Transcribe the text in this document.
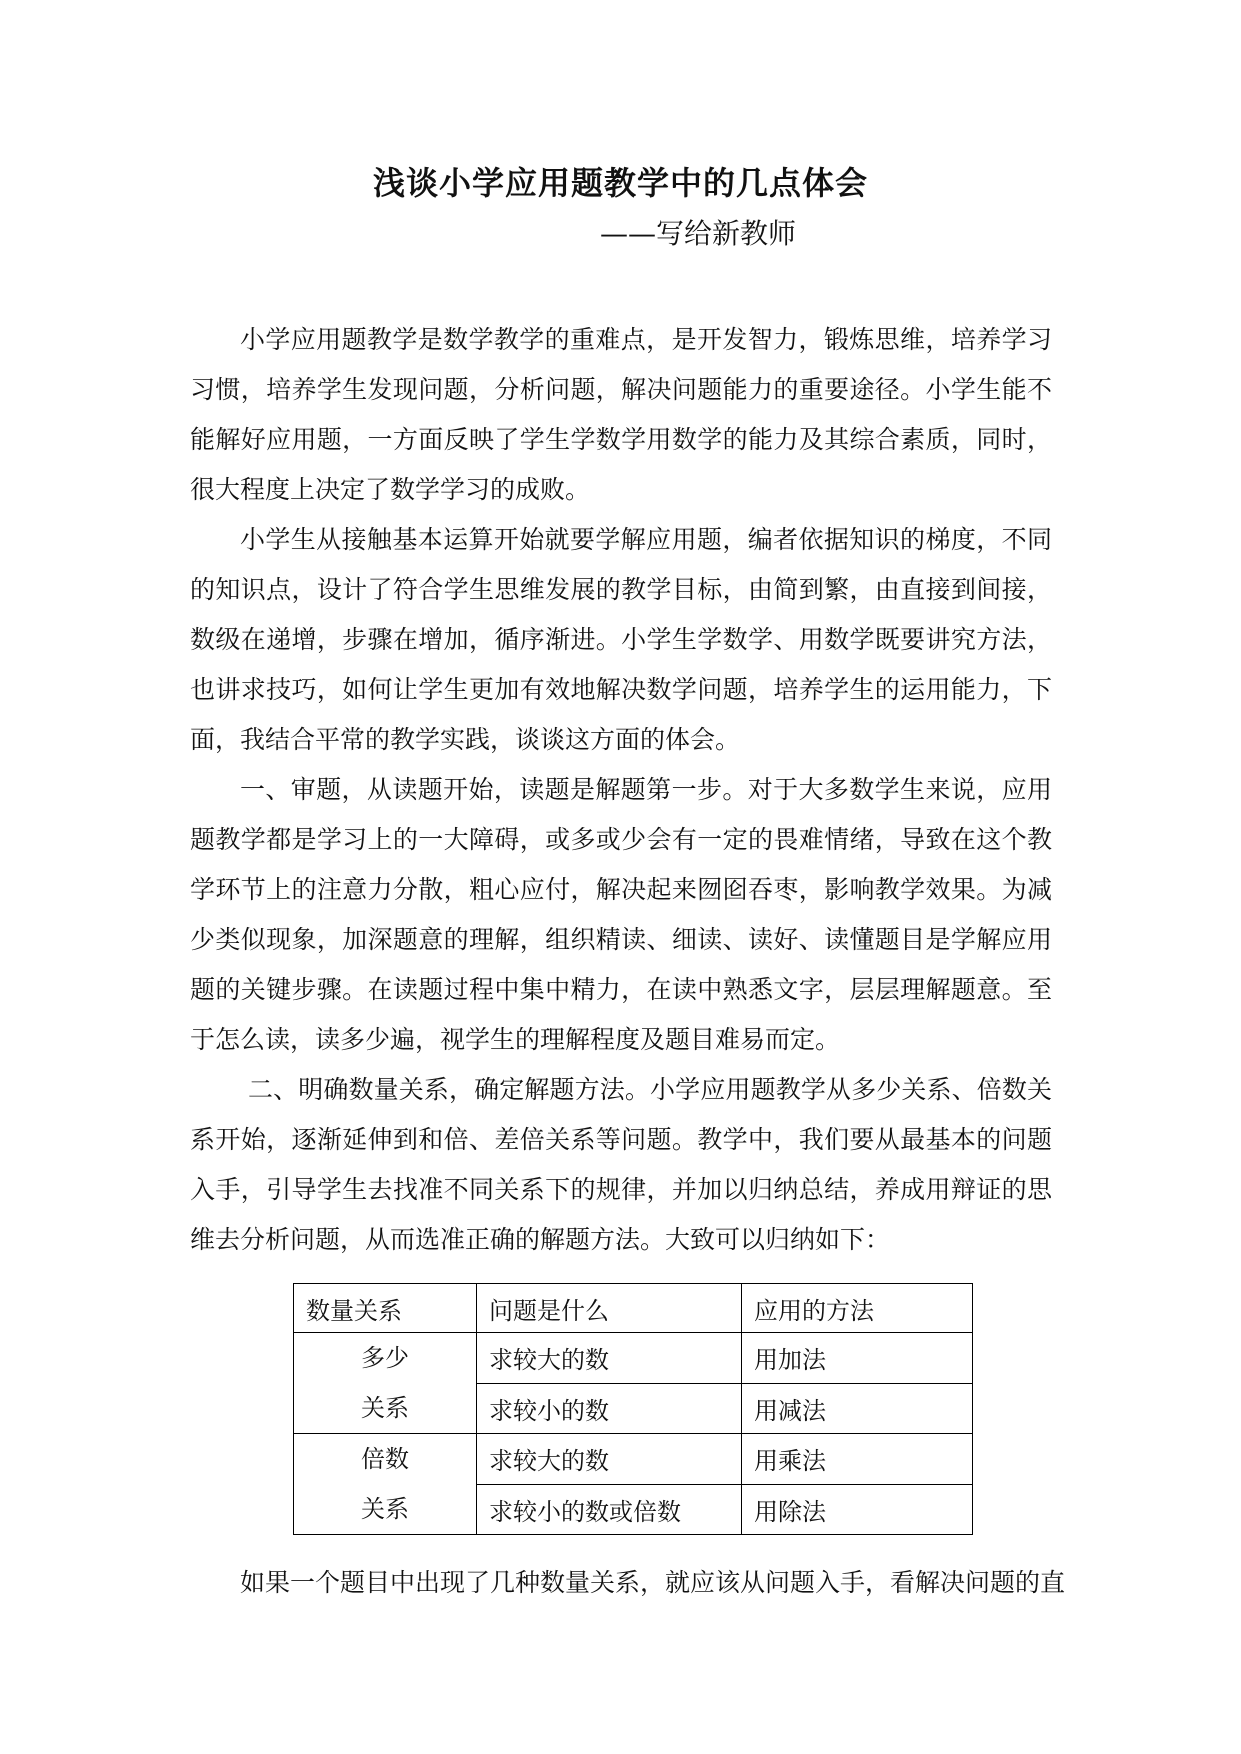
浅谈小学应用题教学中的几点体会
——写给新教师

小学应用题教学是数学教学的重难点，是开发智力，锻炼思维，培养学习习惯，培养学生发现问题，分析问题，解决问题能力的重要途径。小学生能不能解好应用题，一方面反映了学生学数学用数学的能力及其综合素质，同时，很大程度上决定了数学学习的成败。

小学生从接触基本运算开始就要学解应用题，编者依据知识的梯度，不同的知识点，设计了符合学生思维发展的教学目标，由简到繁，由直接到间接，数级在递增，步骤在增加，循序渐进。小学生学数学、用数学既要讲究方法，也讲求技巧，如何让学生更加有效地解决数学问题，培养学生的运用能力，下面，我结合平常的教学实践，谈谈这方面的体会。

一、审题，从读题开始，读题是解题第一步。对于大多数学生来说，应用题教学都是学习上的一大障碍，或多或少会有一定的畏难情绪，导致在这个教学环节上的注意力分散，粗心应付，解决起来囫囵吞枣，影响教学效果。为减少类似现象，加深题意的理解，组织精读、细读、读好、读懂题目是学解应用题的关键步骤。在读题过程中集中精力，在读中熟悉文字，层层理解题意。至于怎么读，读多少遍，视学生的理解程度及题目难易而定。

二、明确数量关系，确定解题方法。小学应用题教学从多少关系、倍数关系开始，逐渐延伸到和倍、差倍关系等问题。教学中，我们要从最基本的问题入手，引导学生去找准不同关系下的规律，并加以归纳总结，养成用辩证的思维去分析问题，从而选准正确的解题方法。大致可以归纳如下：

数量关系	问题是什么	应用的方法

多少
关系	求较大的数	用加法
	求较小的数	用减法

倍数
关系	求较大的数	用乘法
	求较小的数或倍数	用除法

如果一个题目中出现了几种数量关系，就应该从问题入手，看解决问题的直
